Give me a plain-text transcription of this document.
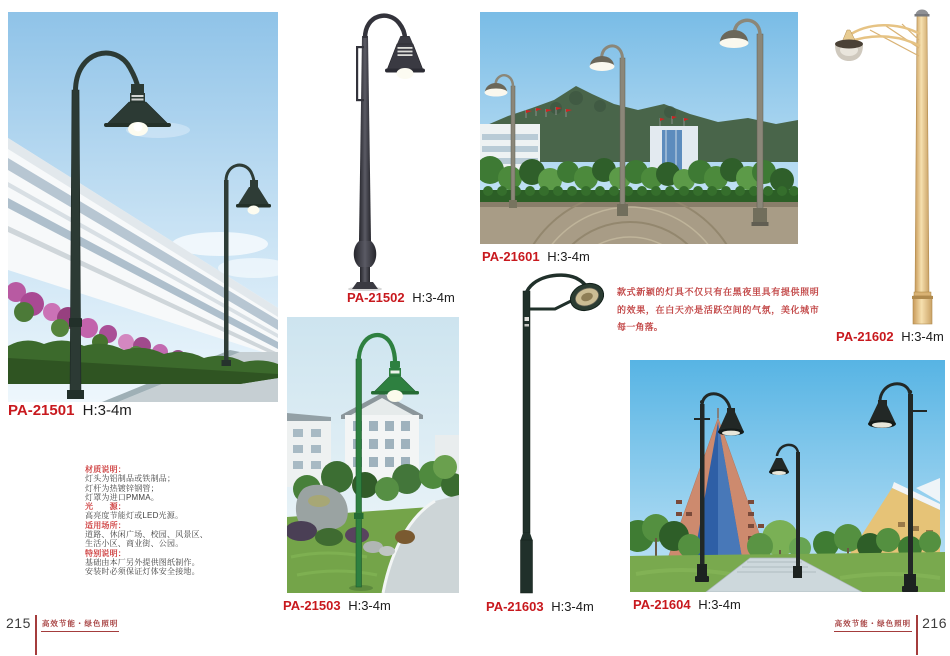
PA-21501 H:3-4m
PA-21502 H:3-4m
PA-21503 H:3-4m
PA-21601 H:3-4m
PA-21602 H:3-4m
款式新颖的灯具不仅只有在黑夜里具有提供照明的效果，在白天亦是活跃空间的气氛，美化城市每一角落。
PA-21603 H:3-4m	PA-21604 H:3-4m
材质说明：
灯头为铝制品或铁制品；
灯杆为热镀锌钢管；
灯罩为进口PMMA。
光　　源：
高亮度节能灯或LED光源。
适用场所：
道路、休闲广场、校园、风景区、
生活小区、商业街、公园。
特别说明：
基础由本厂另外提供图纸制作。
安装时必须保证灯体安全接地。
215 高效节能・绿色照明	高效节能・绿色照明 216
